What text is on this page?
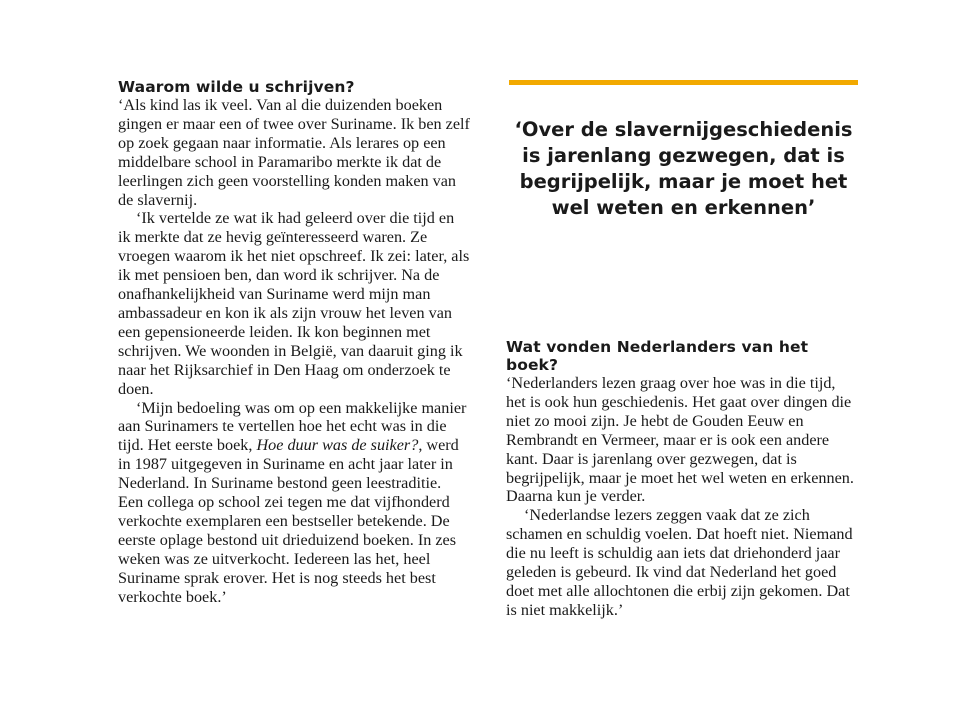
Waarom wilde u schrijven?

‘Als kind las ik veel. Van al die duizenden boeken gingen er maar een of twee over Suriname. Ik ben zelf op zoek gegaan naar informatie. Als lerares op een middelbare school in Paramaribo merkte ik dat de leerlingen zich geen voorstelling konden maken van de slavernij.

‘Ik vertelde ze wat ik had geleerd over die tijd en ik merkte dat ze hevig geïnteresseerd waren. Ze vroegen waarom ik het niet opschreef. Ik zei: later, als ik met pensioen ben, dan word ik schrijver. Na de onafhankelijkheid van Suriname werd mijn man ambassadeur en kon ik als zijn vrouw het leven van een gepensioneerde leiden. Ik kon beginnen met schrijven. We woonden in België, van daaruit ging ik naar het Rijksarchief in Den Haag om onderzoek te doen.

‘Mijn bedoeling was om op een makkelijke manier aan Surinamers te vertellen hoe het echt was in die tijd. Het eerste boek, Hoe duur was de suiker?, werd in 1987 uitgegeven in Suriname en acht jaar later in Nederland. In Suriname bestond geen leestraditie. Een collega op school zei tegen me dat vijfhonderd verkochte exemplaren een bestseller betekende. De eerste oplage bestond uit drieduizend boeken. In zes weken was ze uitverkocht. Iedereen las het, heel Suriname sprak erover. Het is nog steeds het best verkochte boek.’

‘Over de slavernijgeschiedenis is jarenlang gezwegen, dat is begrijpelijk, maar je moet het wel weten en erkennen’
Wat vonden Nederlanders van het boek?

‘Nederlanders lezen graag over hoe was in die tijd, het is ook hun geschiedenis. Het gaat over dingen die niet zo mooi zijn. Je hebt de Gouden Eeuw en Rembrandt en Vermeer, maar er is ook een andere kant. Daar is jarenlang over gezwegen, dat is begrijpelijk, maar je moet het wel weten en erkennen. Daarna kun je verder.

‘Nederlandse lezers zeggen vaak dat ze zich schamen en schuldig voelen. Dat hoeft niet. Niemand die nu leeft is schuldig aan iets dat driehonderd jaar geleden is gebeurd. Ik vind dat Nederland het goed doet met alle allochtonen die erbij zijn gekomen. Dat is niet makkelijk.’
